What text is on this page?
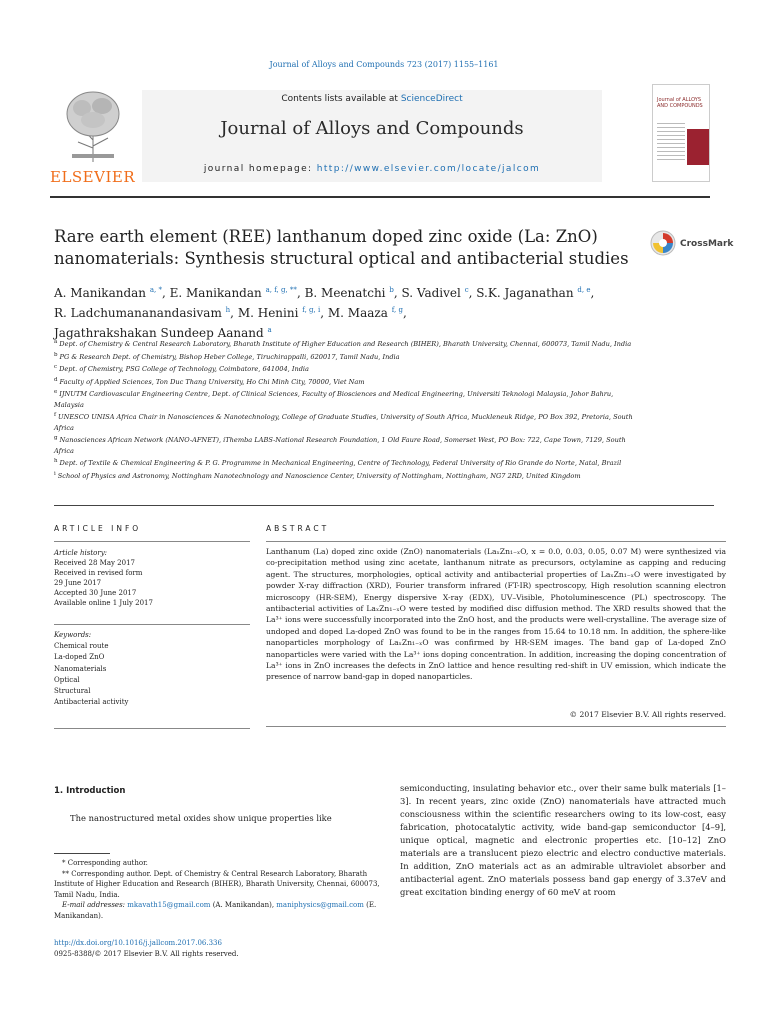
Journal of Alloys and Compounds 723 (2017) 1155–1161
ELSEVIER
Contents lists available at ScienceDirect
Journal of Alloys and Compounds
journal homepage: http://www.elsevier.com/locate/jalcom
Journal of ALLOYS AND COMPOUNDS
Rare earth element (REE) lanthanum doped zinc oxide (La: ZnO) nanomaterials: Synthesis structural optical and antibacterial studies
CrossMark
A. Manikandan $^{a, *}$, E. Manikandan $^{a, f, g, **}$, B. Meenatchi $^b$, S. Vadivel $^c$, S.K. Jaganathan $^{d, e}$,
R. Ladchumananandasivam $^h$, M. Henini $^{f, g, i}$, M. Maaza $^{f, g}$,
Jagathrakshakan Sundeep Aanand $^a$
$^a$ Dept. of Chemistry & Central Research Laboratory, Bharath Institute of Higher Education and Research (BIHER), Bharath University, Chennai, 600073, Tamil Nadu, India
$^b$ PG & Research Dept. of Chemistry, Bishop Heber College, Tiruchirappalli, 620017, Tamil Nadu, India
$^c$ Dept. of Chemistry, PSG College of Technology, Coimbatore, 641004, India
$^d$ Faculty of Applied Sciences, Ton Duc Thang University, Ho Chi Minh City, 70000, Viet Nam
$^e$ IJNUTM Cardiovascular Engineering Centre, Dept. of Clinical Sciences, Faculty of Biosciences and Medical Engineering, Universiti Teknologi Malaysia, Johor Bahru, Malaysia
$^f$ UNESCO UNISA Africa Chair in Nanosciences & Nanotechnology, College of Graduate Studies, University of South Africa, Muckleneuk Ridge, PO Box 392, Pretoria, South Africa
$^g$ Nanosciences African Network (NANO-AFNET), iThemba LABS-National Research Foundation, 1 Old Faure Road, Somerset West, PO Box: 722, Cape Town, 7129, South Africa
$^h$ Dept. of Textile & Chemical Engineering & P. G. Programme in Mechanical Engineering, Centre of Technology, Federal University of Rio Grande do Norte, Natal, Brazil
$^i$ School of Physics and Astronomy, Nottingham Nanotechnology and Nanoscience Center, University of Nottingham, Nottingham, NG7 2RD, United Kingdom
ARTICLE INFO
Article history:
Received 28 May 2017
Received in revised form
29 June 2017
Accepted 30 June 2017
Available online 1 July 2017
Keywords:
Chemical route
La-doped ZnO
Nanomaterials
Optical
Structural
Antibacterial activity
ABSTRACT
Lanthanum (La) doped zinc oxide (ZnO) nanomaterials (LaₓZn₁₋ₓO, x = 0.0, 0.03, 0.05, 0.07 M) were synthesized via co-precipitation method using zinc acetate, lanthanum nitrate as precursors, octylamine as capping and reducing agent. The structures, morphologies, optical activity and antibacterial properties of LaₓZn₁₋ₓO were investigated by powder X-ray diffraction (XRD), Fourier transform infrared (FT-IR) spectroscopy, High resolution scanning electron microscopy (HR-SEM), Energy dispersive X-ray (EDX), UV–Visible, Photoluminescence (PL) spectroscopy. The antibacterial activities of LaₓZn₁₋ₓO were tested by modified disc diffusion method. The XRD results showed that the La³⁺ ions were successfully incorporated into the ZnO host, and the products were well-crystalline. The average size of undoped and doped La-doped ZnO was found to be in the ranges from 15.64 to 10.18 nm. In addition, the sphere-like nanoparticles morphology of LaₓZn₁₋ₓO was confirmed by HR-SEM images. The band gap of La-doped ZnO nanoparticles were varied with the La³⁺ ions doping concentration. In addition, increasing the doping concentration of La³⁺ ions in ZnO increases the defects in ZnO lattice and hence resulting red-shift in UV emission, which indicate the presence of narrow band-gap in doped nanoparticles.
© 2017 Elsevier B.V. All rights reserved.
1. Introduction
The nanostructured metal oxides show unique properties like
* Corresponding author.
** Corresponding author. Dept. of Chemistry & Central Research Laboratory, Bharath Institute of Higher Education and Research (BIHER), Bharath University, Chennai, 600073, Tamil Nadu, India.
E-mail addresses: mkavath15@gmail.com (A. Manikandan), maniphysics@gmail.com (E. Manikandan).
http://dx.doi.org/10.1016/j.jallcom.2017.06.336
0925-8388/© 2017 Elsevier B.V. All rights reserved.
semiconducting, insulating behavior etc., over their same bulk materials [1–3]. In recent years, zinc oxide (ZnO) nanomaterials have attracted much consciousness within the scientific researchers owing to its low-cost, easy fabrication, photocatalytic activity, wide band-gap semiconductor [4–9], unique optical, magnetic and electronic properties etc. [10–12] ZnO materials are a translucent piezo electric and electro conductive materials. In addition, ZnO materials act as an admirable ultraviolet absorber and antibacterial agent. ZnO materials possess band gap energy of 3.37eV and great excitation binding energy of 60 meV at room
